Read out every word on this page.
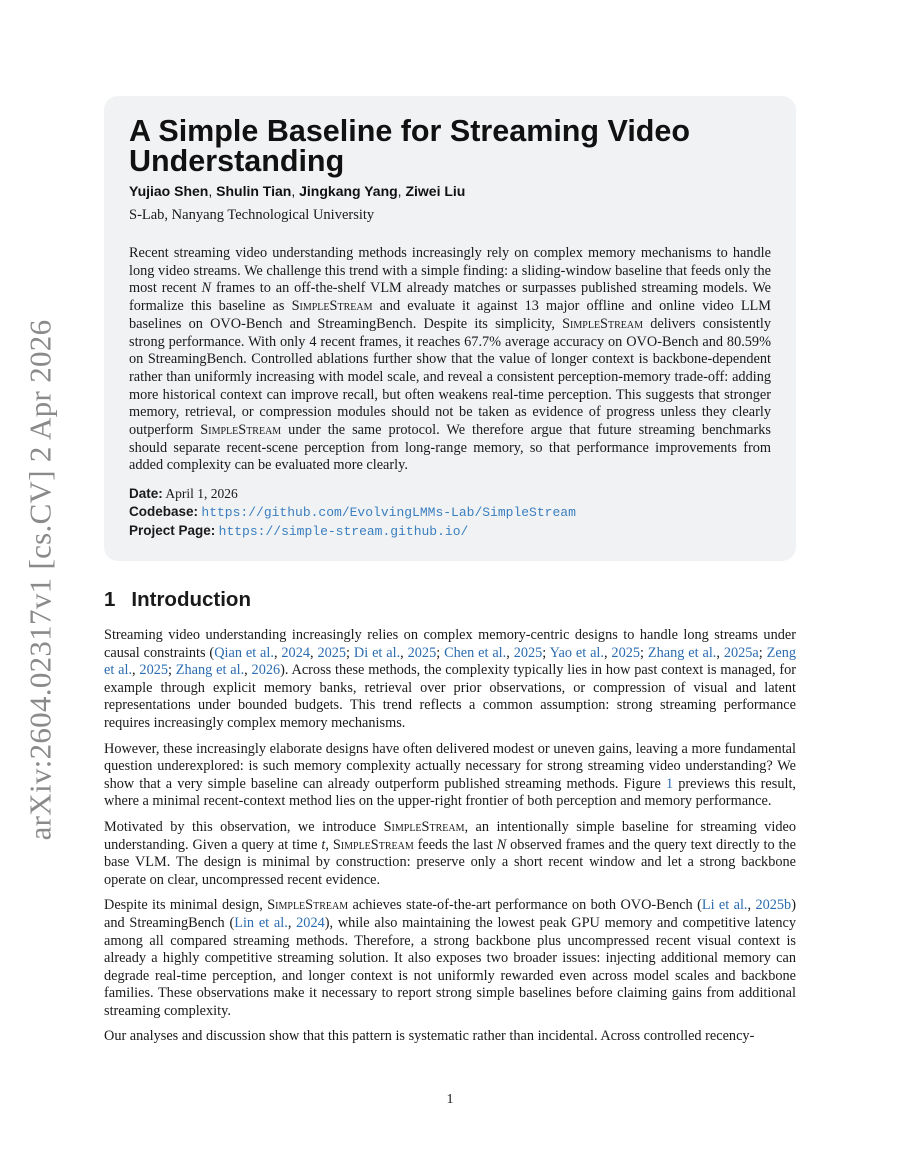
arXiv:2604.02317v1 [cs.CV] 2 Apr 2026
A Simple Baseline for Streaming Video Understanding
Yujiao Shen, Shulin Tian, Jingkang Yang, Ziwei Liu
S-Lab, Nanyang Technological University
Recent streaming video understanding methods increasingly rely on complex memory mechanisms to handle long video streams. We challenge this trend with a simple finding: a sliding-window baseline that feeds only the most recent N frames to an off-the-shelf VLM already matches or surpasses published streaming models. We formalize this baseline as SimpleStream and evaluate it against 13 major offline and online video LLM baselines on OVO-Bench and StreamingBench. Despite its simplicity, SimpleStream delivers consistently strong performance. With only 4 recent frames, it reaches 67.7% average accuracy on OVO-Bench and 80.59% on StreamingBench. Controlled ablations further show that the value of longer context is backbone-dependent rather than uniformly increasing with model scale, and reveal a consistent perception-memory trade-off: adding more historical context can improve recall, but often weakens real-time perception. This suggests that stronger memory, retrieval, or compression modules should not be taken as evidence of progress unless they clearly outperform SimpleStream under the same protocol. We therefore argue that future streaming benchmarks should separate recent-scene perception from long-range memory, so that performance improvements from added complexity can be evaluated more clearly.
Date: April 1, 2026
Codebase: https://github.com/EvolvingLMMs-Lab/SimpleStream
Project Page: https://simple-stream.github.io/
1 Introduction

Streaming video understanding increasingly relies on complex memory-centric designs to handle long streams under causal constraints (Qian et al., 2024, 2025; Di et al., 2025; Chen et al., 2025; Yao et al., 2025; Zhang et al., 2025a; Zeng et al., 2025; Zhang et al., 2026). Across these methods, the complexity typically lies in how past context is managed, for example through explicit memory banks, retrieval over prior observations, or compression of visual and latent representations under bounded budgets. This trend reflects a common assumption: strong streaming performance requires increasingly complex memory mechanisms.

However, these increasingly elaborate designs have often delivered modest or uneven gains, leaving a more fundamental question underexplored: is such memory complexity actually necessary for strong streaming video understanding? We show that a very simple baseline can already outperform published streaming methods. Figure 1 previews this result, where a minimal recent-context method lies on the upper-right frontier of both perception and memory performance.

Motivated by this observation, we introduce SimpleStream, an intentionally simple baseline for streaming video understanding. Given a query at time t, SimpleStream feeds the last N observed frames and the query text directly to the base VLM. The design is minimal by construction: preserve only a short recent window and let a strong backbone operate on clear, uncompressed recent evidence.

Despite its minimal design, SimpleStream achieves state-of-the-art performance on both OVO-Bench (Li et al., 2025b) and StreamingBench (Lin et al., 2024), while also maintaining the lowest peak GPU memory and competitive latency among all compared streaming methods. Therefore, a strong backbone plus uncompressed recent visual context is already a highly competitive streaming solution. It also exposes two broader issues: injecting additional memory can degrade real-time perception, and longer context is not uniformly rewarded even across model scales and backbone families. These observations make it necessary to report strong simple baselines before claiming gains from additional streaming complexity.

Our analyses and discussion show that this pattern is systematic rather than incidental. Across controlled recency-

1
